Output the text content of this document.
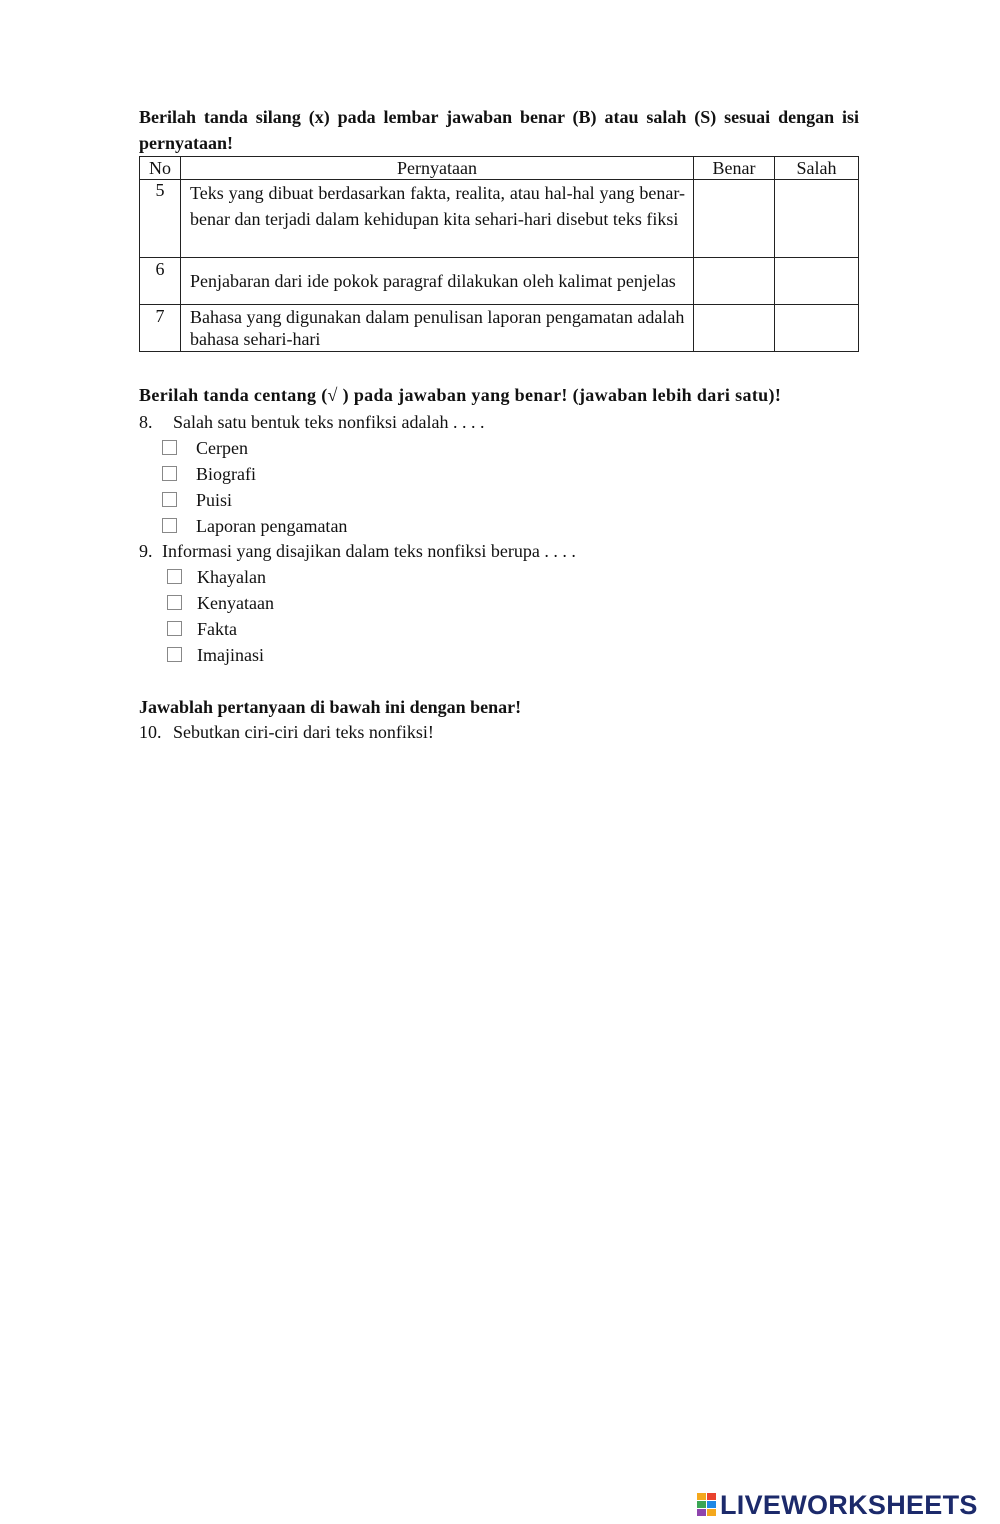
Berilah tanda silang (x) pada lembar jawaban benar (B) atau salah (S) sesuai dengan isi pernyataan!
No	Pernyataan	Benar	Salah
5	Teks yang dibuat berdasarkan fakta, realita, atau hal-hal yang benar-benar dan terjadi dalam kehidupan kita sehari-hari disebut teks fiksi		
6	Penjabaran dari ide pokok paragraf dilakukan oleh kalimat penjelas		
7	Bahasa yang digunakan dalam penulisan laporan pengamatan adalah bahasa sehari-hari		
Berilah tanda centang (√ ) pada jawaban yang benar! (jawaban lebih dari satu)!
8. Salah satu bentuk teks nonfiksi adalah . . . .
Cerpen
Biografi
Puisi
Laporan pengamatan
9. Informasi yang disajikan dalam teks nonfiksi berupa . . . .
Khayalan
Kenyataan
Fakta
Imajinasi
Jawablah pertanyaan di bawah ini dengan benar!
10. Sebutkan ciri-ciri dari teks nonfiksi!
LIVEWORKSHEETS
